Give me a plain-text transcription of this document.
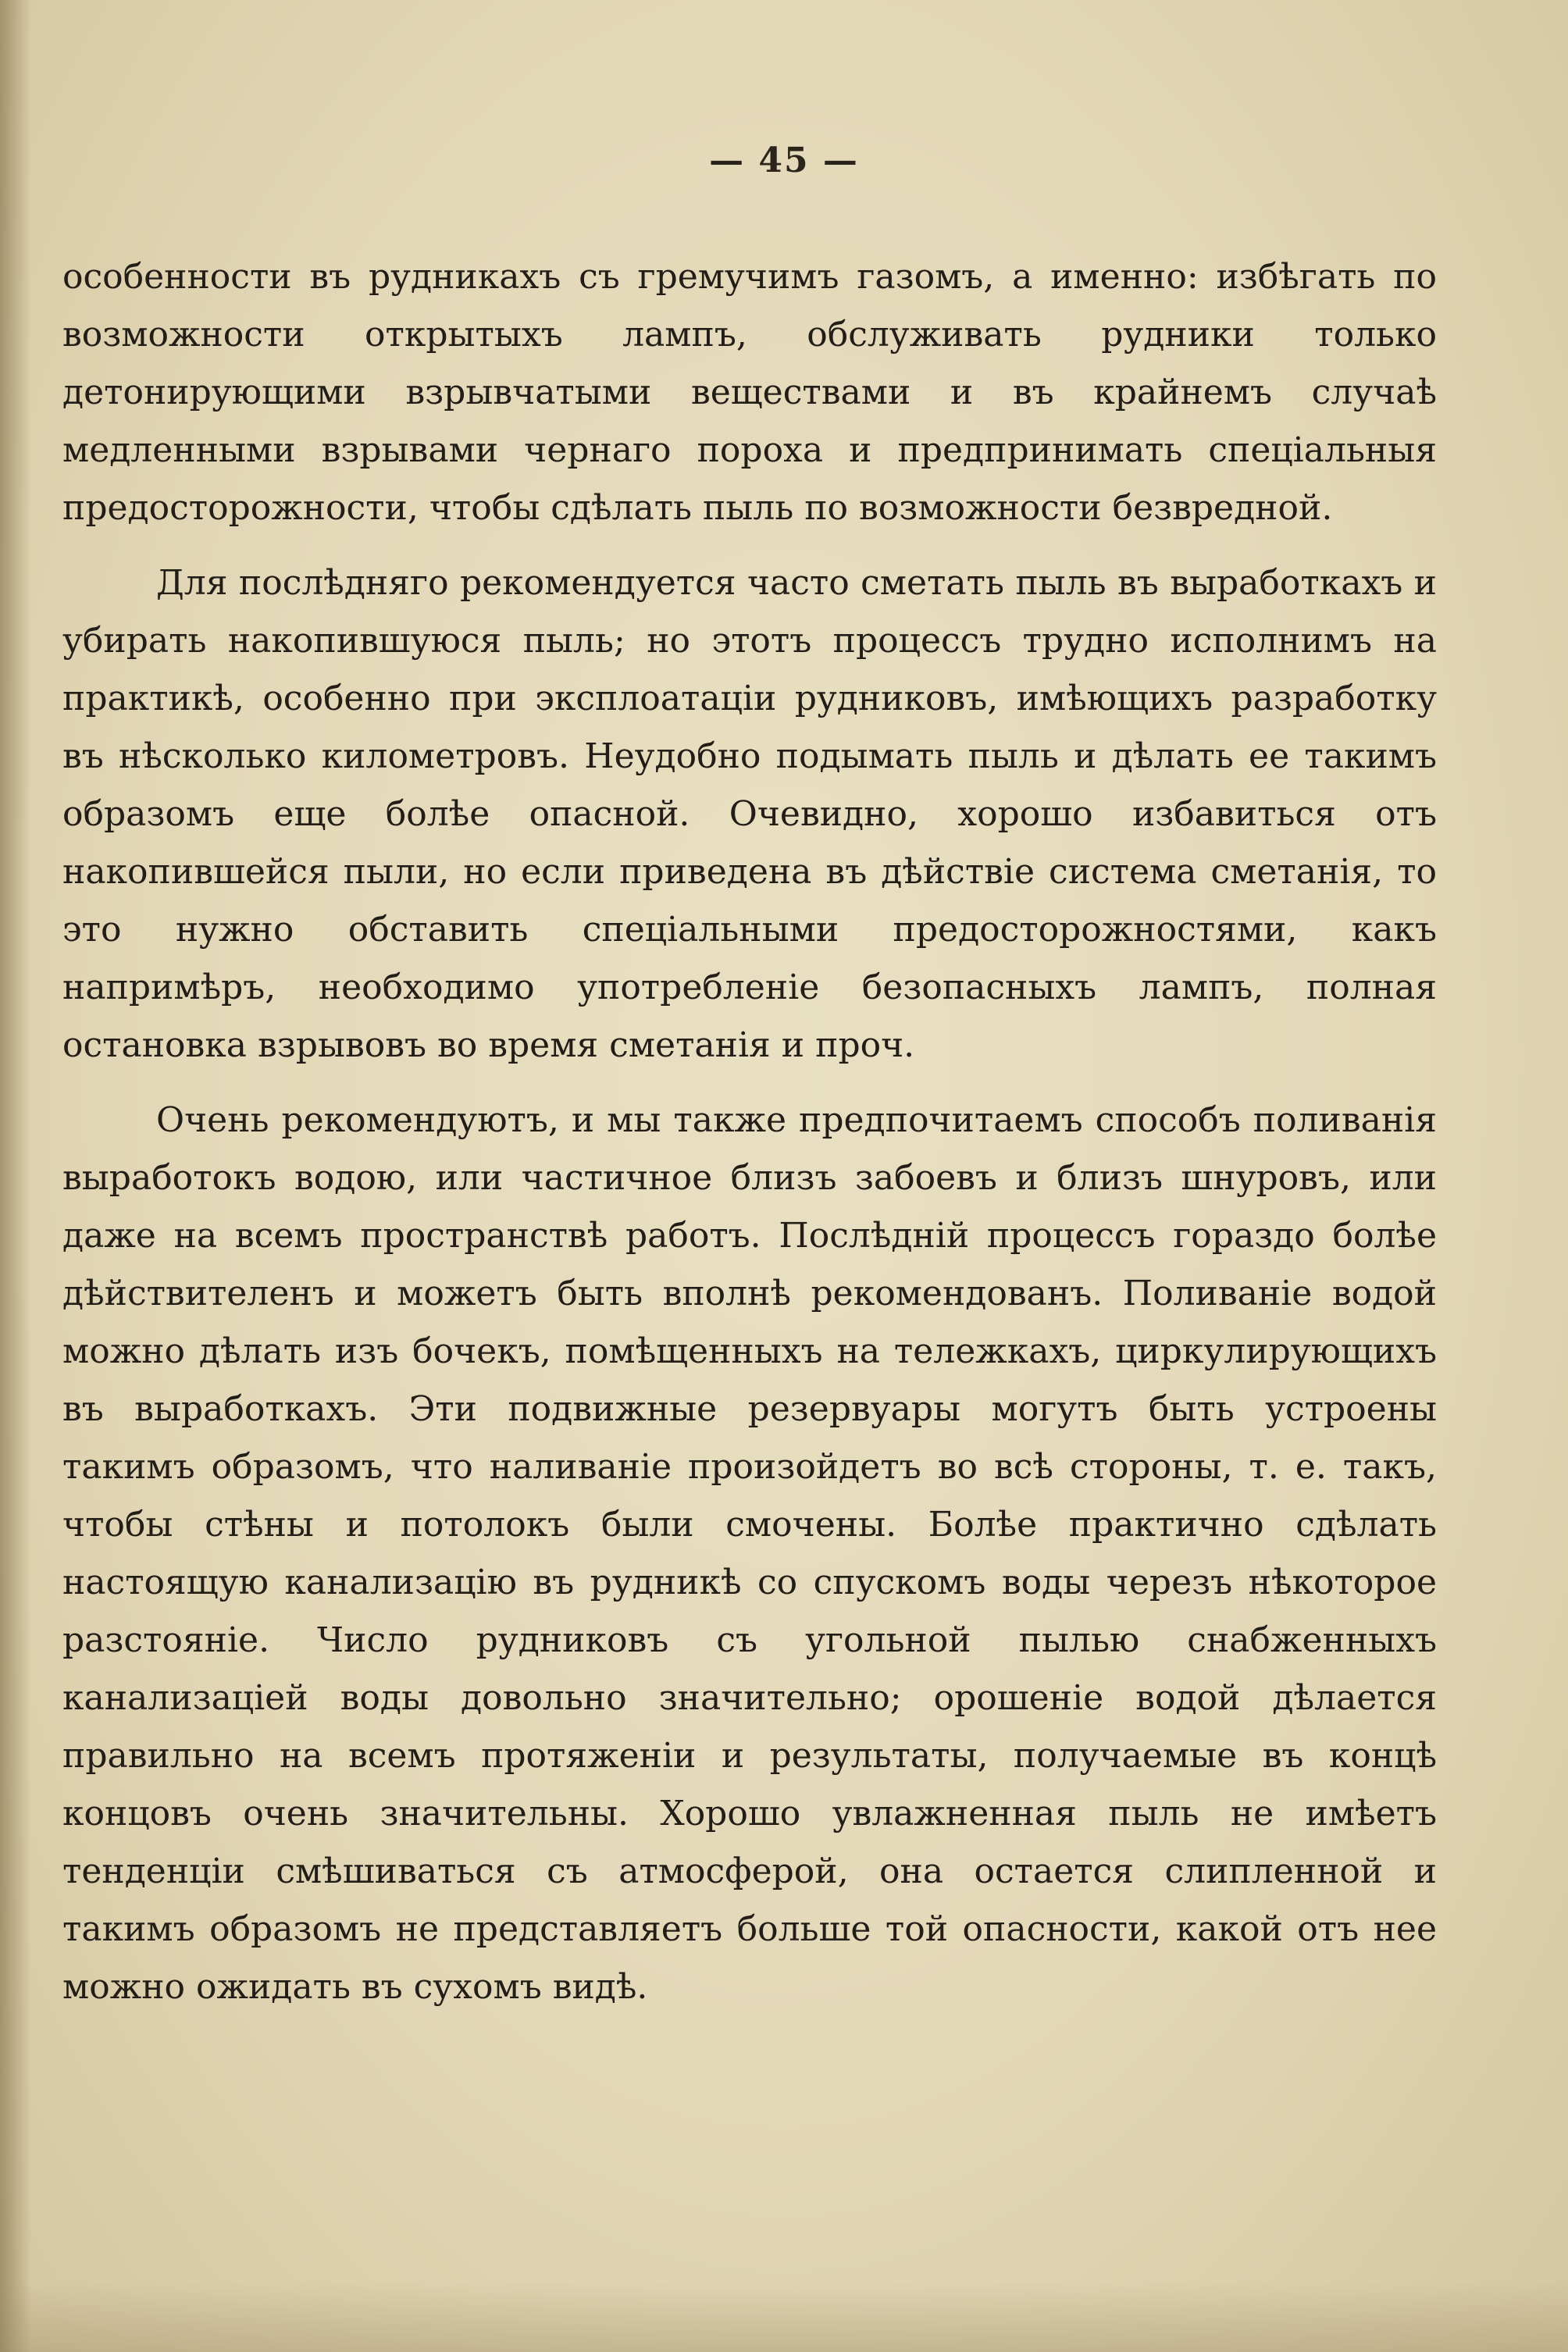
— 45 —

особенности въ рудникахъ съ гремучимъ газомъ, а именно: избѣгать по возможности открытыхъ лампъ, обслуживать рудники только детонирующими взрывчатыми веществами и въ крайнемъ случаѣ медленными взрывами чернаго пороха и предпринимать спеціальныя предосторожности, чтобы сдѣлать пыль по возможности безвредной.

Для послѣдняго рекомендуется часто сметать пыль въ выработкахъ и убирать накопившуюся пыль; но этотъ процессъ трудно исполнимъ на практикѣ, особенно при эксплоатаціи рудниковъ, имѣющихъ разработку въ нѣсколько километровъ. Неудобно подымать пыль и дѣлать ее такимъ образомъ еще болѣе опасной. Очевидно, хорошо избавиться отъ накопившейся пыли, но если приведена въ дѣйствіе система сметанія, то это нужно обставить спеціальными предосторожностями, какъ напримѣръ, необходимо употребленіе безопасныхъ лампъ, полная остановка взрывовъ во время сметанія и проч.

Очень рекомендуютъ, и мы также предпочитаемъ способъ поливанія выработокъ водою, или частичное близъ забоевъ и близъ шнуровъ, или даже на всемъ пространствѣ работъ. Послѣдній процессъ гораздо болѣе дѣйствителенъ и можетъ быть вполнѣ рекомендованъ. Поливаніе водой можно дѣлать изъ бочекъ, помѣщенныхъ на тележкахъ, циркулирующихъ въ выработкахъ. Эти подвижные резервуары могутъ быть устроены такимъ образомъ, что наливаніе произойдетъ во всѣ стороны, т. е. такъ, чтобы стѣны и потолокъ были смочены. Болѣе практично сдѣлать настоящую канализацію въ рудникѣ со спускомъ воды черезъ нѣкоторое разстояніе. Число рудниковъ съ угольной пылью снабженныхъ канализаціей воды довольно значительно; орошеніе водой дѣлается правильно на всемъ протяженіи и результаты, получаемые въ концѣ концовъ очень значительны. Хорошо увлажненная пыль не имѣетъ тенденціи смѣшиваться съ атмосферой, она остается слипленной и такимъ образомъ не представляетъ больше той опасности, какой отъ нее можно ожидать въ сухомъ видѣ.
